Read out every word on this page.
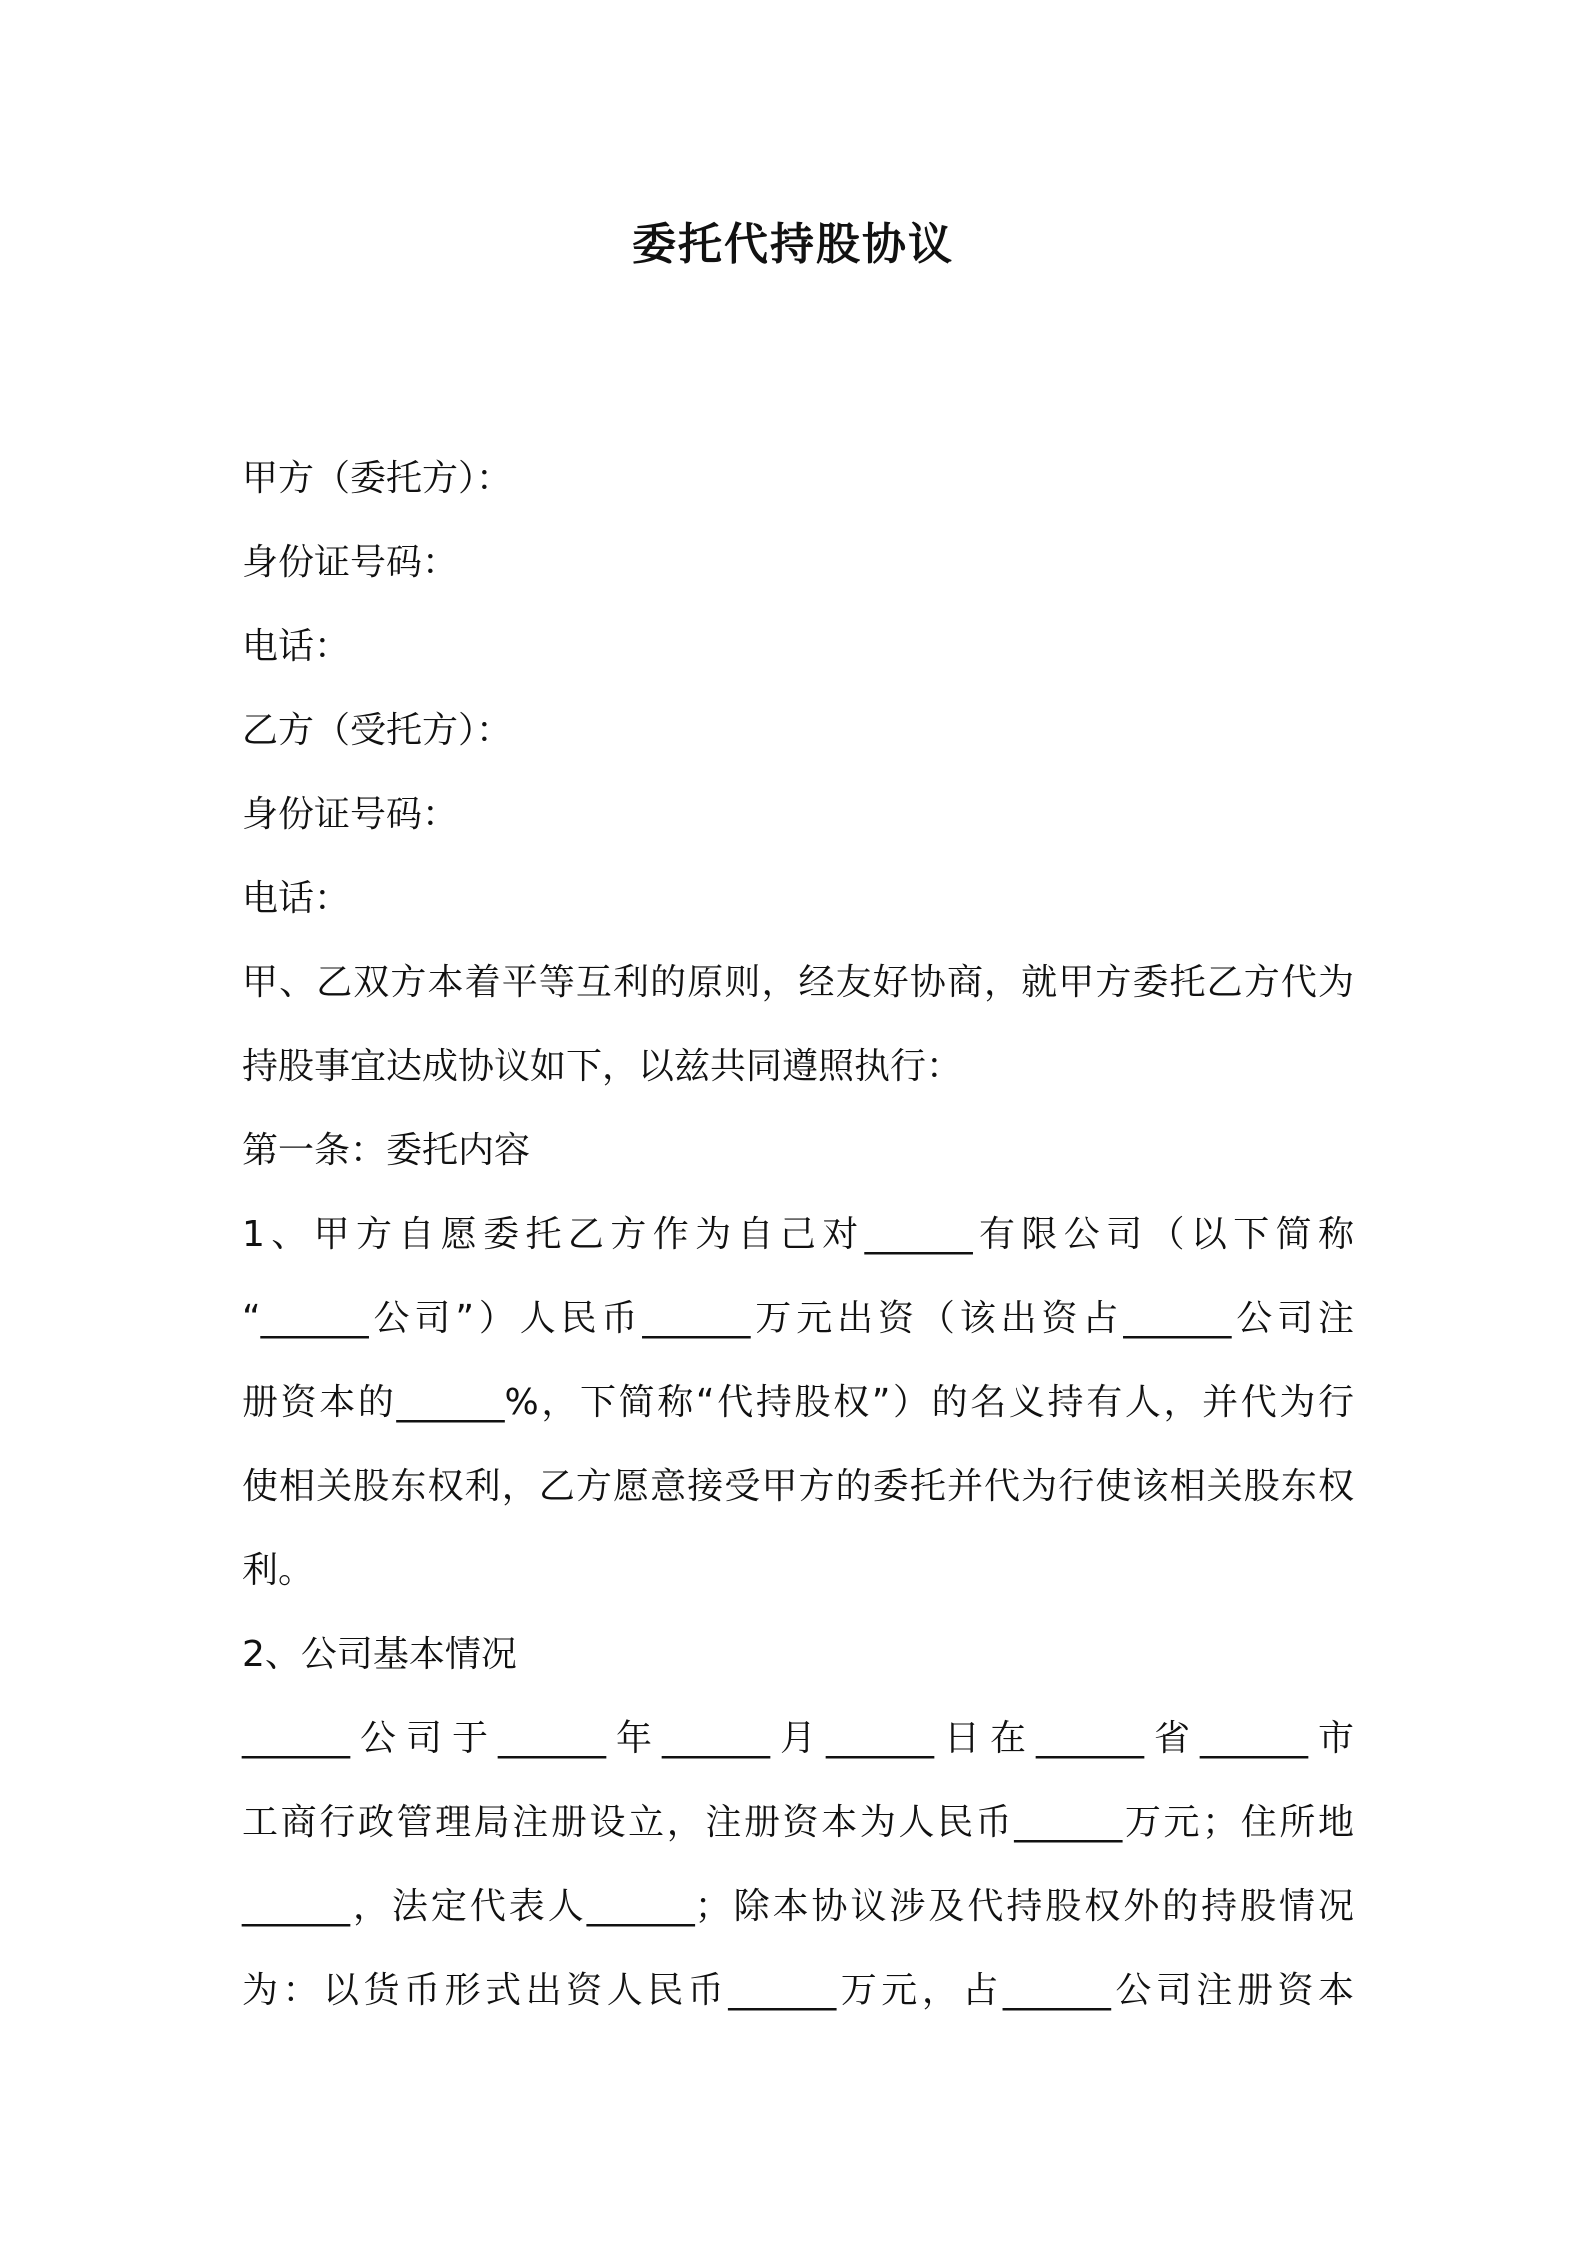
委托代持股协议
甲方（委托方）：
身份证号码：
电话：
乙方（受托方）：
身份证号码：
电话：
甲、乙双方本着平等互利的原则，经友好协商，就甲方委托乙方代为
持股事宜达成协议如下，以兹共同遵照执行：
第一条：委托内容
1、甲方自愿委托乙方作为自己对______有限公司（以下简称
“______公司”）人民币______万元出资（该出资占______公司注
册资本的______%，下简称“代持股权”）的名义持有人，并代为行
使相关股东权利，乙方愿意接受甲方的委托并代为行使该相关股东权
利。
2、公司基本情况
______公司于______年______月______日在______省______市
工商行政管理局注册设立，注册资本为人民币______万元；住所地
______，法定代表人______；除本协议涉及代持股权外的持股情况
为：以货币形式出资人民币______万元，占______公司注册资本
